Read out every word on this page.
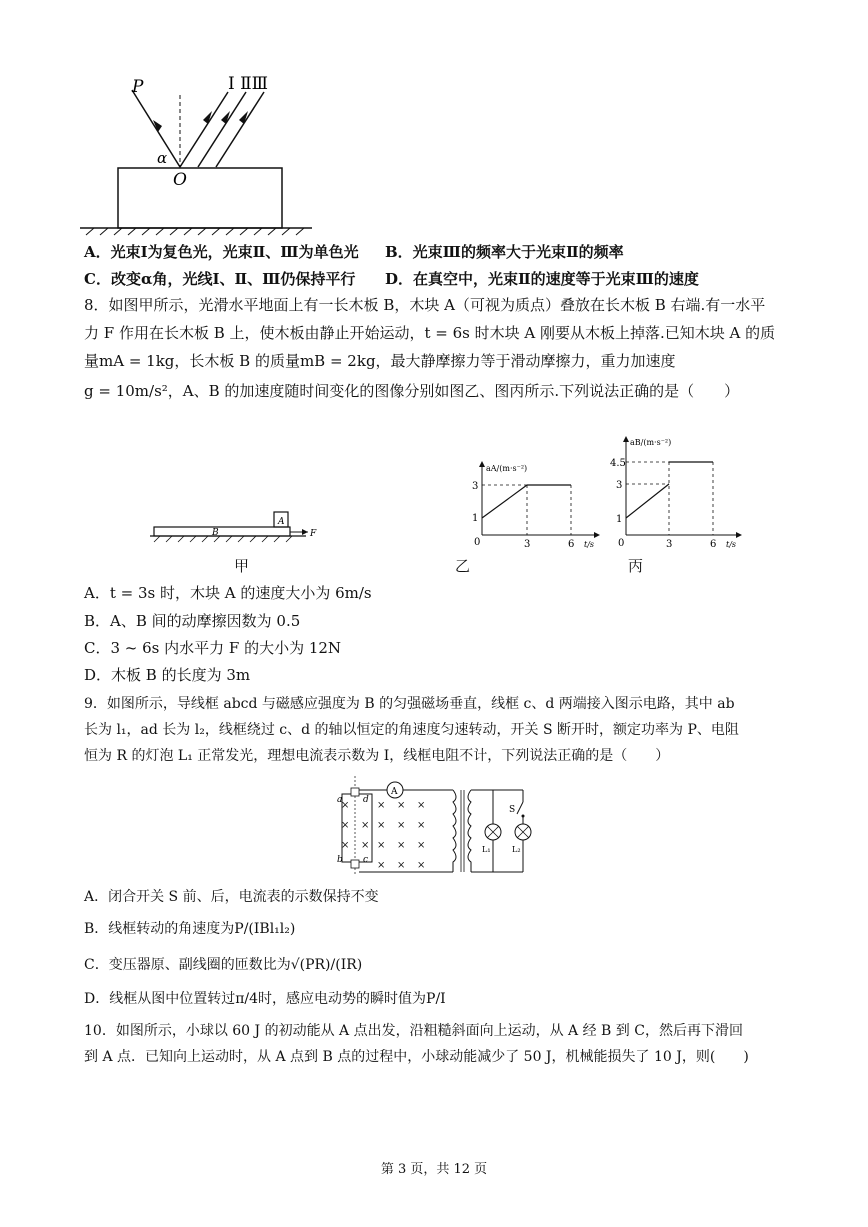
P
O
α
Ⅰ ⅡⅢ
A．光束Ⅰ为复色光，光束Ⅱ、Ⅲ为单色光 B．光束Ⅲ的频率大于光束Ⅱ的频率
C．改变α角，光线Ⅰ、Ⅱ、Ⅲ仍保持平行 D．在真空中，光束Ⅱ的速度等于光束Ⅲ的速度
8．如图甲所示，光滑水平地面上有一长木板 B，木块 A（可视为质点）叠放在长木板 B 右端.有一水平
力 F 作用在长木板 B 上，使木板由静止开始运动，t = 6s 时木块 A 刚要从木板上掉落.已知木块 A 的质
量mA = 1kg，长木板 B 的质量mB = 2kg，最大静摩擦力等于滑动摩擦力，重力加速度
g = 10m/s²，A、B 的加速度随时间变化的图像分别如图乙、图丙所示.下列说法正确的是（　　）
A
B	F
aA/(m·s⁻²)
3
1
0	3	6 t/s
aB/(m·s⁻²)
4.5
3
1
0	3	6 t/s
甲	乙	丙
A．t = 3s 时，木块 A 的速度大小为 6m/s
B．A、B 间的动摩擦因数为 0.5
C．3 ~ 6s 内水平力 F 的大小为 12N
D．木板 B 的长度为 3m
9．如图所示，导线框 abcd 与磁感应强度为 B 的匀强磁场垂直，线框 c、d 两端接入图示电路，其中 ab
长为 l₁，ad 长为 l₂，线框绕过 c、d 的轴以恒定的角速度匀速转动，开关 S 断开时，额定功率为 P、电阻
恒为 R 的灯泡 L₁ 正常发光，理想电流表示数为 I，线框电阻不计，下列说法正确的是（　　）
×	× × ×
× × × × ×
× × × × ×
× × ×
a
b c
d
A
S
L₁	L₂
A．闭合开关 S 前、后，电流表的示数保持不变
B．线框转动的角速度为P/(IBl₁l₂)
C．变压器原、副线圈的匝数比为√(PR)/(IR)
D．线框从图中位置转过π/4时，感应电动势的瞬时值为P/I
10．如图所示，小球以 60 J 的初动能从 A 点出发，沿粗糙斜面向上运动，从 A 经 B 到 C，然后再下滑回
到 A 点．已知向上运动时，从 A 点到 B 点的过程中，小球动能减少了 50 J，机械能损失了 10 J，则(　　)
第 3 页，共 12 页
